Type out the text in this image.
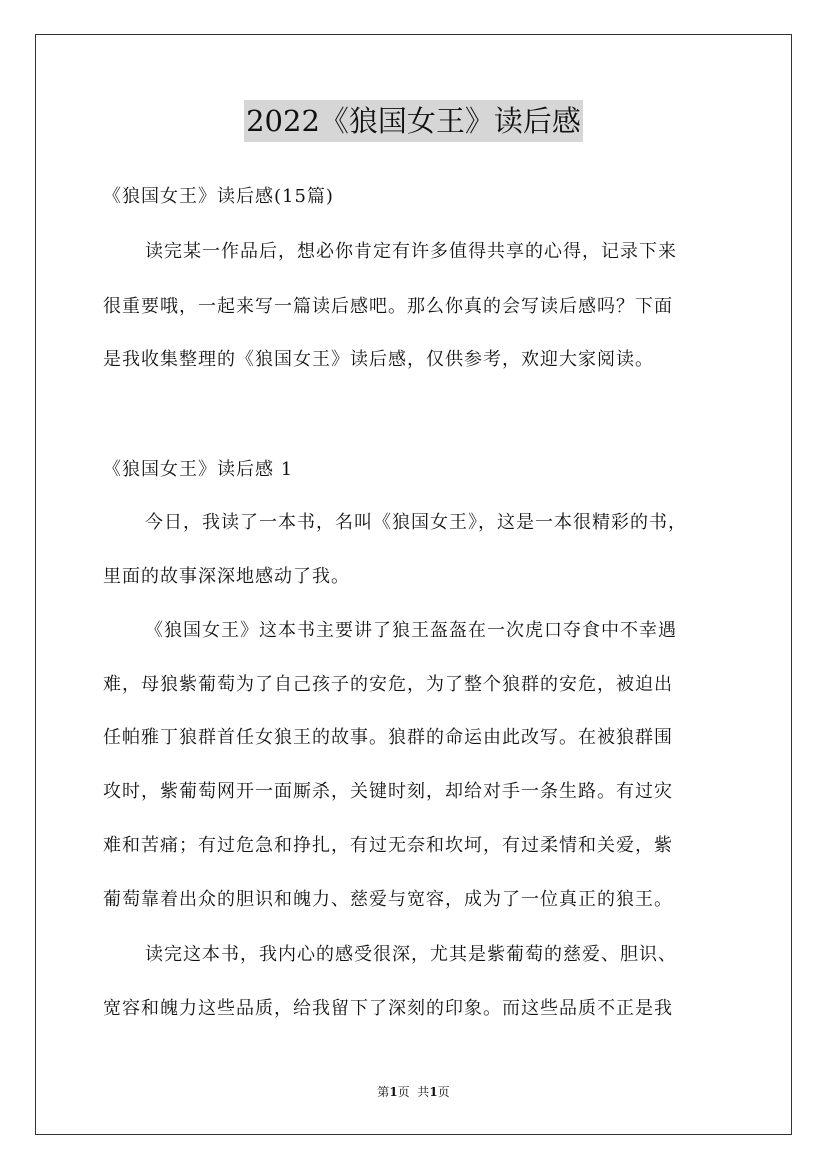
2022《狼国女王》读后感
《狼国女王》读后感(15篇)
读完某一作品后，想必你肯定有许多值得共享的心得，记录下来
很重要哦，一起来写一篇读后感吧。那么你真的会写读后感吗？下面
是我收集整理的《狼国女王》读后感，仅供参考，欢迎大家阅读。
《狼国女王》读后感 1
今日，我读了一本书，名叫《狼国女王》，这是一本很精彩的书，
里面的故事深深地感动了我。
《狼国女王》这本书主要讲了狼王盔盔在一次虎口夺食中不幸遇
难，母狼紫葡萄为了自己孩子的安危，为了整个狼群的安危，被迫出
任帕雅丁狼群首任女狼王的故事。狼群的命运由此改写。在被狼群围
攻时，紫葡萄网开一面厮杀，关键时刻，却给对手一条生路。有过灾
难和苦痛；有过危急和挣扎，有过无奈和坎坷，有过柔情和关爱，紫
葡萄靠着出众的胆识和魄力、慈爱与宽容，成为了一位真正的狼王。
读完这本书，我内心的感受很深，尤其是紫葡萄的慈爱、胆识、
宽容和魄力这些品质，给我留下了深刻的印象。而这些品质不正是我
第1页  共1页
